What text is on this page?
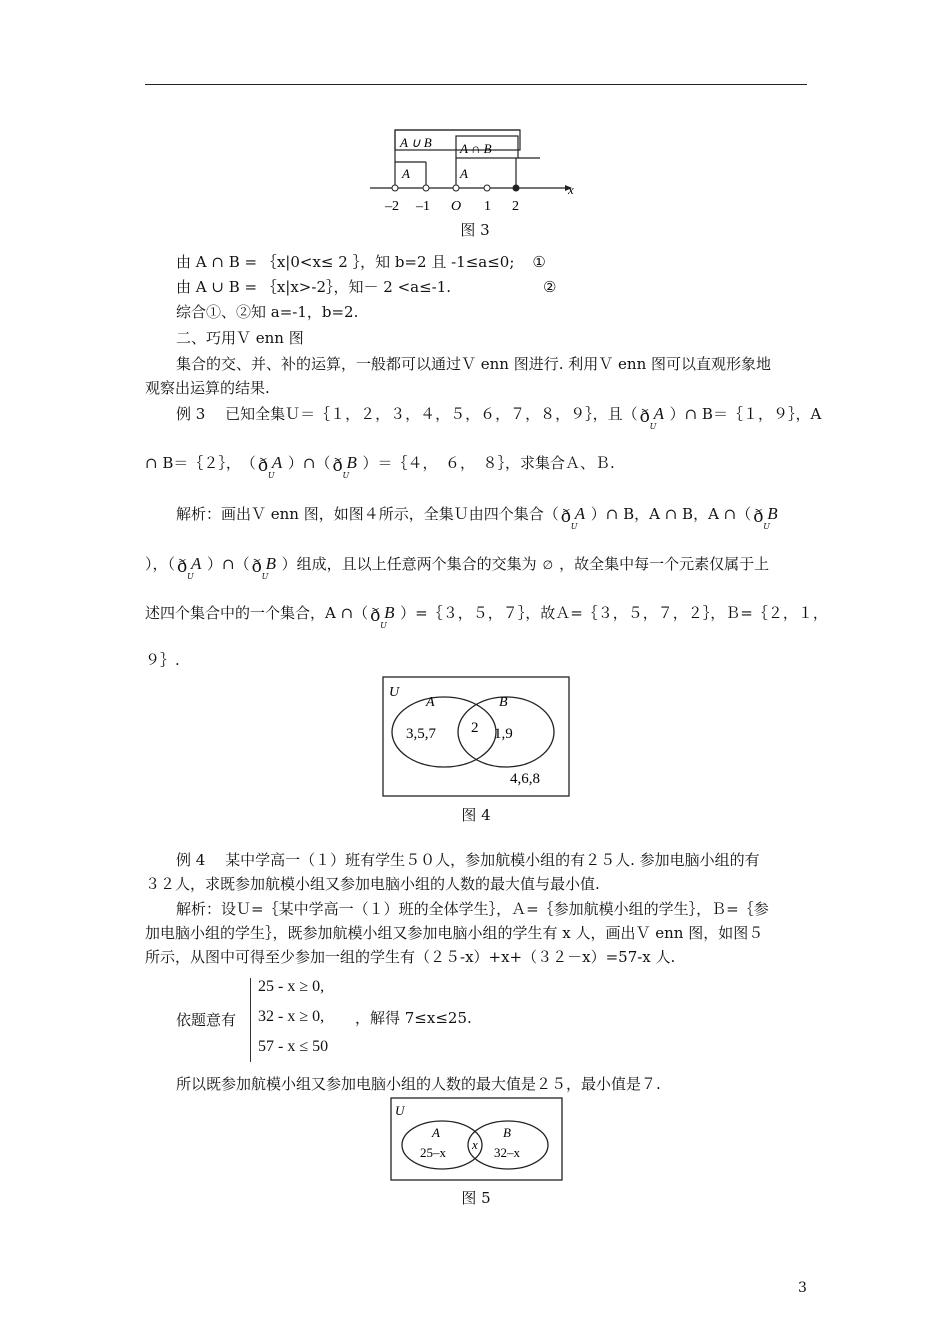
A ∪ B A ∩ B
A	A
x
–2 –1 O 1 2
图 3
由 A ∩ B = ｛x|0<x≤ 2 ｝，知 b=2 且 -1≤a≤0; ①
由 A ∪ B = ｛x|x>-2｝，知－ 2 <a≤-1.	②
综合①、②知 a=-1，b=2.
二、巧用Ｖ enn 图
集合的交、并、补的运算，一般都可以通过Ｖ enn 图进行. 利用Ｖ enn 图可以直观形象地
观察出运算的结果.
例 3　 已知全集Ｕ＝｛１，２，３，４，５，６，７，８，９｝，且（ ð U
A ）∩ B＝｛１，９｝，A
∩ B＝｛２｝，　（ ð U
A ）∩（ ð U
B ）＝｛４，　６，　８｝，求集合Ａ、Ｂ.
解析：画出Ｖ enn 图，如图４所示，全集Ｕ由四个集合（ ð U
A ）∩ B，A ∩ B，A ∩（ ð U
B
），（ ð U
A ）∩（ ð U
B ）组成，且以上任意两个集合的交集为 ∅ ，故全集中每一个元素仅属于上
述四个集合中的一个集合，A ∩（ ð U
B ）=｛３，５，７｝，故Ａ=｛３，５，７，２｝，Ｂ=｛２，１，
９｝.
U
A	B
3,5,7 2 1,9
4,6,8
图 4
例 4　 某中学高一（１）班有学生５０人，参加航模小组的有２５人. 参加电脑小组的有
３２人，求既参加航模小组又参加电脑小组的人数的最大值与最小值.
解析：设Ｕ=｛某中学高一（１）班的全体学生｝，Ａ=｛参加航模小组的学生｝，Ｂ=｛参
加电脑小组的学生｝，既参加航模小组又参加电脑小组的学生有 x 人，画出Ｖ enn 图，如图５
所示，从图中可得至少参加一组的学生有（２５-x）+x+（３２－x）=57-x 人.
依题意有
25 - x ≥ 0,
32 - x ≥ 0, ，解得 7≤x≤25.
57 - x ≤ 50
所以既参加航模小组又参加电脑小组的人数的最大值是２５，最小值是７.
U
A	B
25–x
x
32–x
图 5
3
